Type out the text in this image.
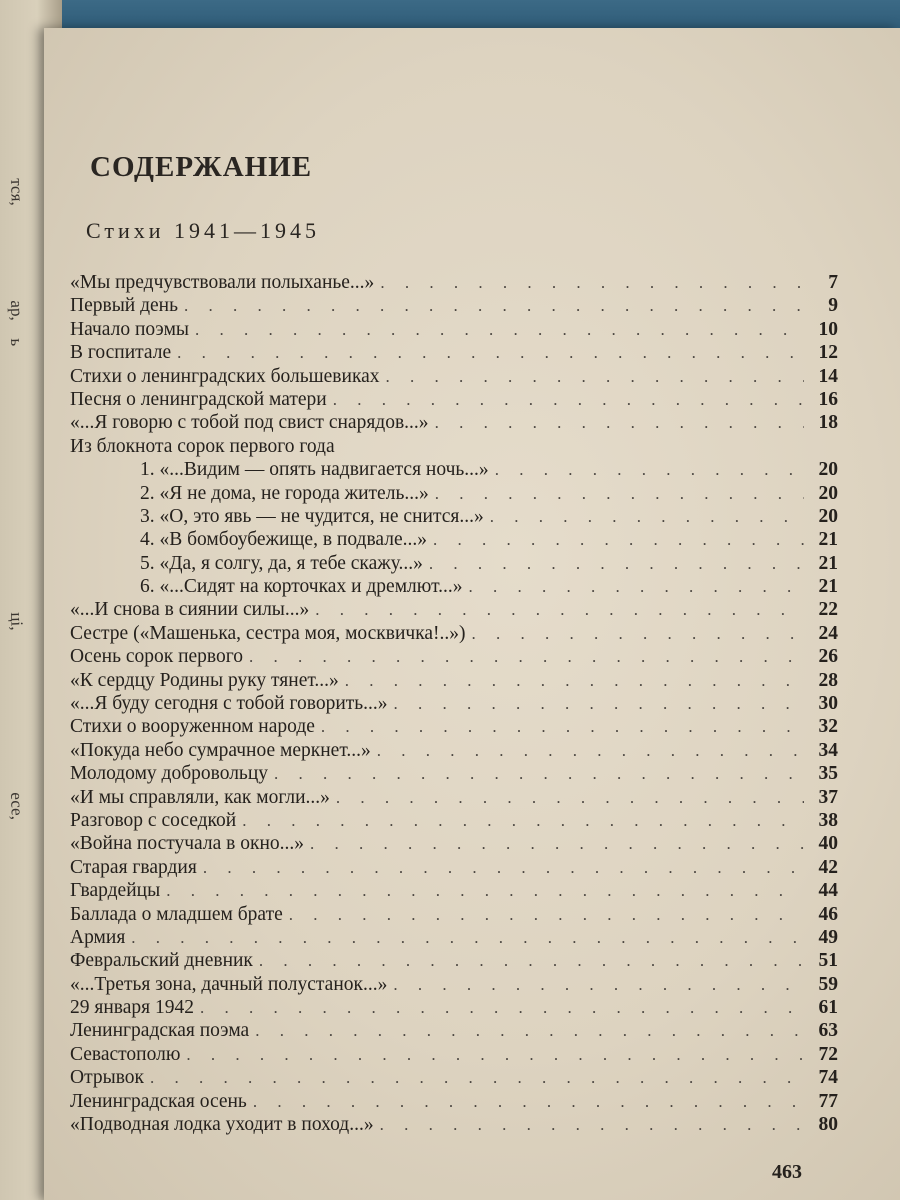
тся,
ар,
ь
ці,
есе,
СОДЕРЖАНИЕ
Стихи 1941—1945
«Мы предчувствовали полыханье...» . . .	7
Первый день . . .	9
Начало поэмы . . .	10
В госпитале . . .	12
Стихи о ленинградских большевиках . . .	14
Песня о ленинградской матери . . .	16
«...Я говорю с тобой под свист снарядов...» . . .	18
Из блокнота сорок первого года
1. «...Видим — опять надвигается ночь...» . . .	20
2. «Я не дома, не города житель...» . . .	20
3. «О, это явь — не чудится, не снится...» . . .	20
4. «В бомбоубежище, в подвале...» . . .	21
5. «Да, я солгу, да, я тебе скажу...» . . .	21
6. «...Сидят на корточках и дремлют...» . . .	21
«...И снова в сиянии силы...» . . .	22
Сестре («Машенька, сестра моя, москвичка!..») . . .	24
Осень сорок первого . . .	26
«К сердцу Родины руку тянет...» . . .	28
«...Я буду сегодня с тобой говорить...» . . .	30
Стихи о вооруженном народе . . .	32
«Покуда небо сумрачное меркнет...» . . .	34
Молодому добровольцу . . .	35
«И мы справляли, как могли...» . . .	37
Разговор с соседкой . . .	38
«Война постучала в окно...» . . .	40
Старая гвардия . . .	42
Гвардейцы . . .	44
Баллада о младшем брате . . .	46
Армия . . .	49
Февральский дневник . . .	51
«...Третья зона, дачный полустанок...» . . .	59
29 января 1942 . . .	61
Ленинградская поэма . . .	63
Севастополю . . .	72
Отрывок . . .	74
Ленинградская осень . . .	77
«Подводная лодка уходит в поход...» . . .	80
463
